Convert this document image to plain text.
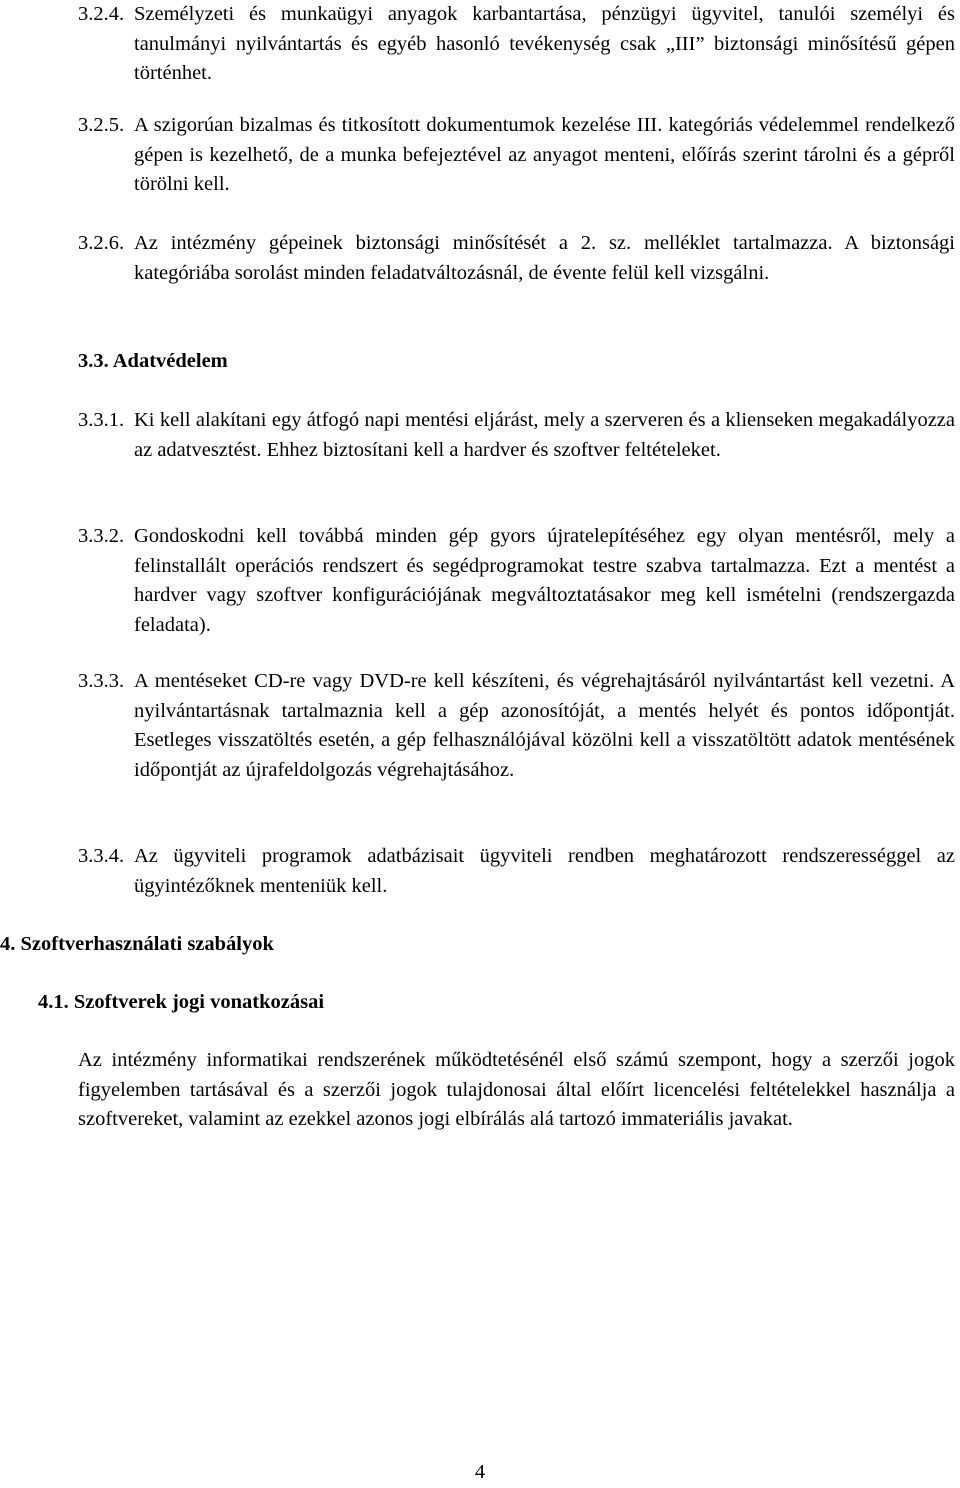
3.2.4. Személyzeti és munkaügyi anyagok karbantartása, pénzügyi ügyvitel, tanulói személyi és tanulmányi nyilvántartás és egyéb hasonló tevékenység csak „III” biztonsági minősítésű gépen történhet.
3.2.5. A szigorúan bizalmas és titkosított dokumentumok kezelése III. kategóriás védelemmel rendelkező gépen is kezelhető, de a munka befejeztével az anyagot menteni, előírás szerint tárolni és a gépről törölni kell.
3.2.6. Az intézmény gépeinek biztonsági minősítését a 2. sz. melléklet tartalmazza. A biztonsági kategóriába sorolást minden feladatváltozásnál, de évente felül kell vizsgálni.
3.3. Adatvédelem
3.3.1. Ki kell alakítani egy átfogó napi mentési eljárást, mely a szerveren és a klienseken megakadályozza az adatvesztést. Ehhez biztosítani kell a hardver és szoftver feltételeket.
3.3.2. Gondoskodni kell továbbá minden gép gyors újratelepítéséhez egy olyan mentésről, mely a felinstallált operációs rendszert és segédprogramokat testre szabva tartalmazza. Ezt a mentést a hardver vagy szoftver konfigurációjának megváltoztatásakor meg kell ismételni (rendszergazda feladata).
3.3.3. A mentéseket CD-re vagy DVD-re kell készíteni, és végrehajtásáról nyilvántartást kell vezetni. A nyilvántartásnak tartalmaznia kell a gép azonosítóját, a mentés helyét és pontos időpontját. Esetleges visszatöltés esetén, a gép felhasználójával közölni kell a visszatöltött adatok mentésének időpontját az újrafeldolgozás végrehajtásához.
3.3.4. Az ügyviteli programok adatbázisait ügyviteli rendben meghatározott rendszerességgel az ügyintézőknek menteniük kell.
4. Szoftverhasználati szabályok
4.1. Szoftverek jogi vonatkozásai

Az intézmény informatikai rendszerének működtetésénél első számú szempont, hogy a szerzői jogok figyelemben tartásával és a szerzői jogok tulajdonosai által előírt licencelési feltételekkel használja a szoftvereket, valamint az ezekkel azonos jogi elbírálás alá tartozó immateriális javakat.

4
